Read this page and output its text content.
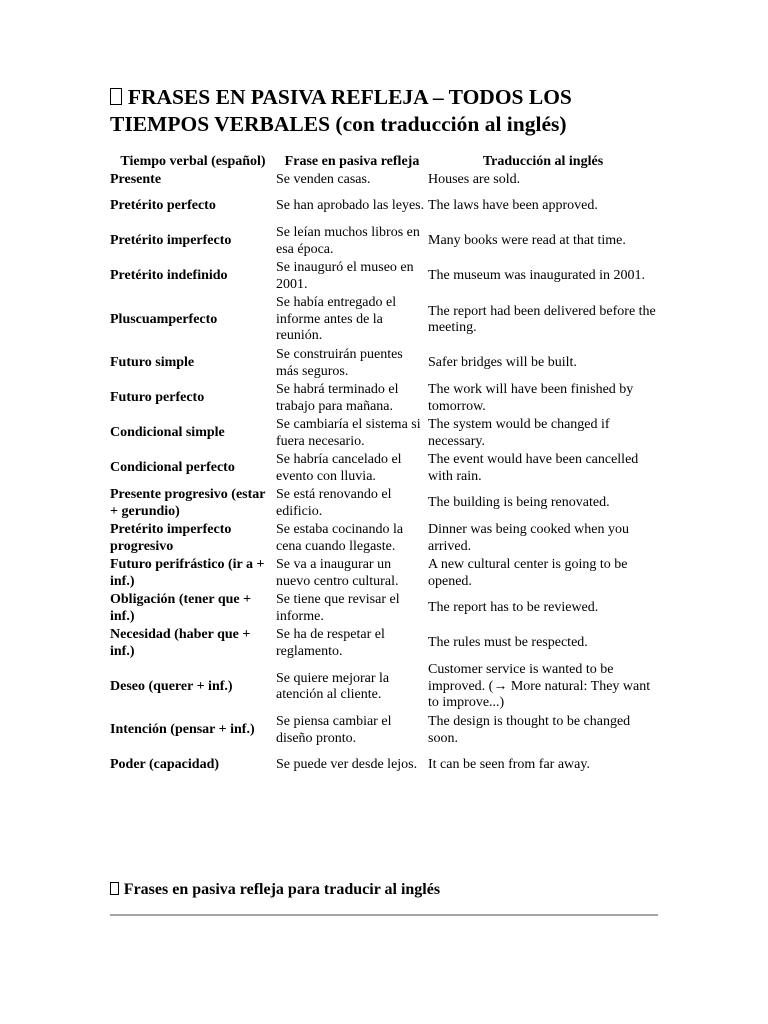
FRASES EN PASIVA REFLEJA – TODOS LOS TIEMPOS VERBALES (con traducción al inglés)
Tiempo verbal (español)	Frase en pasiva refleja	Traducción al inglés
Presente	Se venden casas.	Houses are sold.
Pretérito perfecto	Se han aprobado las leyes.	The laws have been approved.
Pretérito imperfecto	Se leían muchos libros en esa época.	Many books were read at that time.
Pretérito indefinido	Se inauguró el museo en 2001.	The museum was inaugurated in 2001.
Pluscuamperfecto	Se había entregado el informe antes de la reunión.	The report had been delivered before the meeting.
Futuro simple	Se construirán puentes más seguros.	Safer bridges will be built.
Futuro perfecto	Se habrá terminado el trabajo para mañana.	The work will have been finished by tomorrow.
Condicional simple	Se cambiaría el sistema si fuera necesario.	The system would be changed if necessary.
Condicional perfecto	Se habría cancelado el evento con lluvia.	The event would have been cancelled with rain.
Presente progresivo (estar + gerundio)	Se está renovando el edificio.	The building is being renovated.
Pretérito imperfecto progresivo	Se estaba cocinando la cena cuando llegaste.	Dinner was being cooked when you arrived.
Futuro perifrástico (ir a + inf.)	Se va a inaugurar un nuevo centro cultural.	A new cultural center is going to be opened.
Obligación (tener que + inf.)	Se tiene que revisar el informe.	The report has to be reviewed.
Necesidad (haber que + inf.)	Se ha de respetar el reglamento.	The rules must be respected.
Deseo (querer + inf.)	Se quiere mejorar la atención al cliente.	Customer service is wanted to be improved. (→ More natural: They want to improve...)
Intención (pensar + inf.)	Se piensa cambiar el diseño pronto.	The design is thought to be changed soon.
Poder (capacidad)	Se puede ver desde lejos.	It can be seen from far away.
Frases en pasiva refleja para traducir al inglés
